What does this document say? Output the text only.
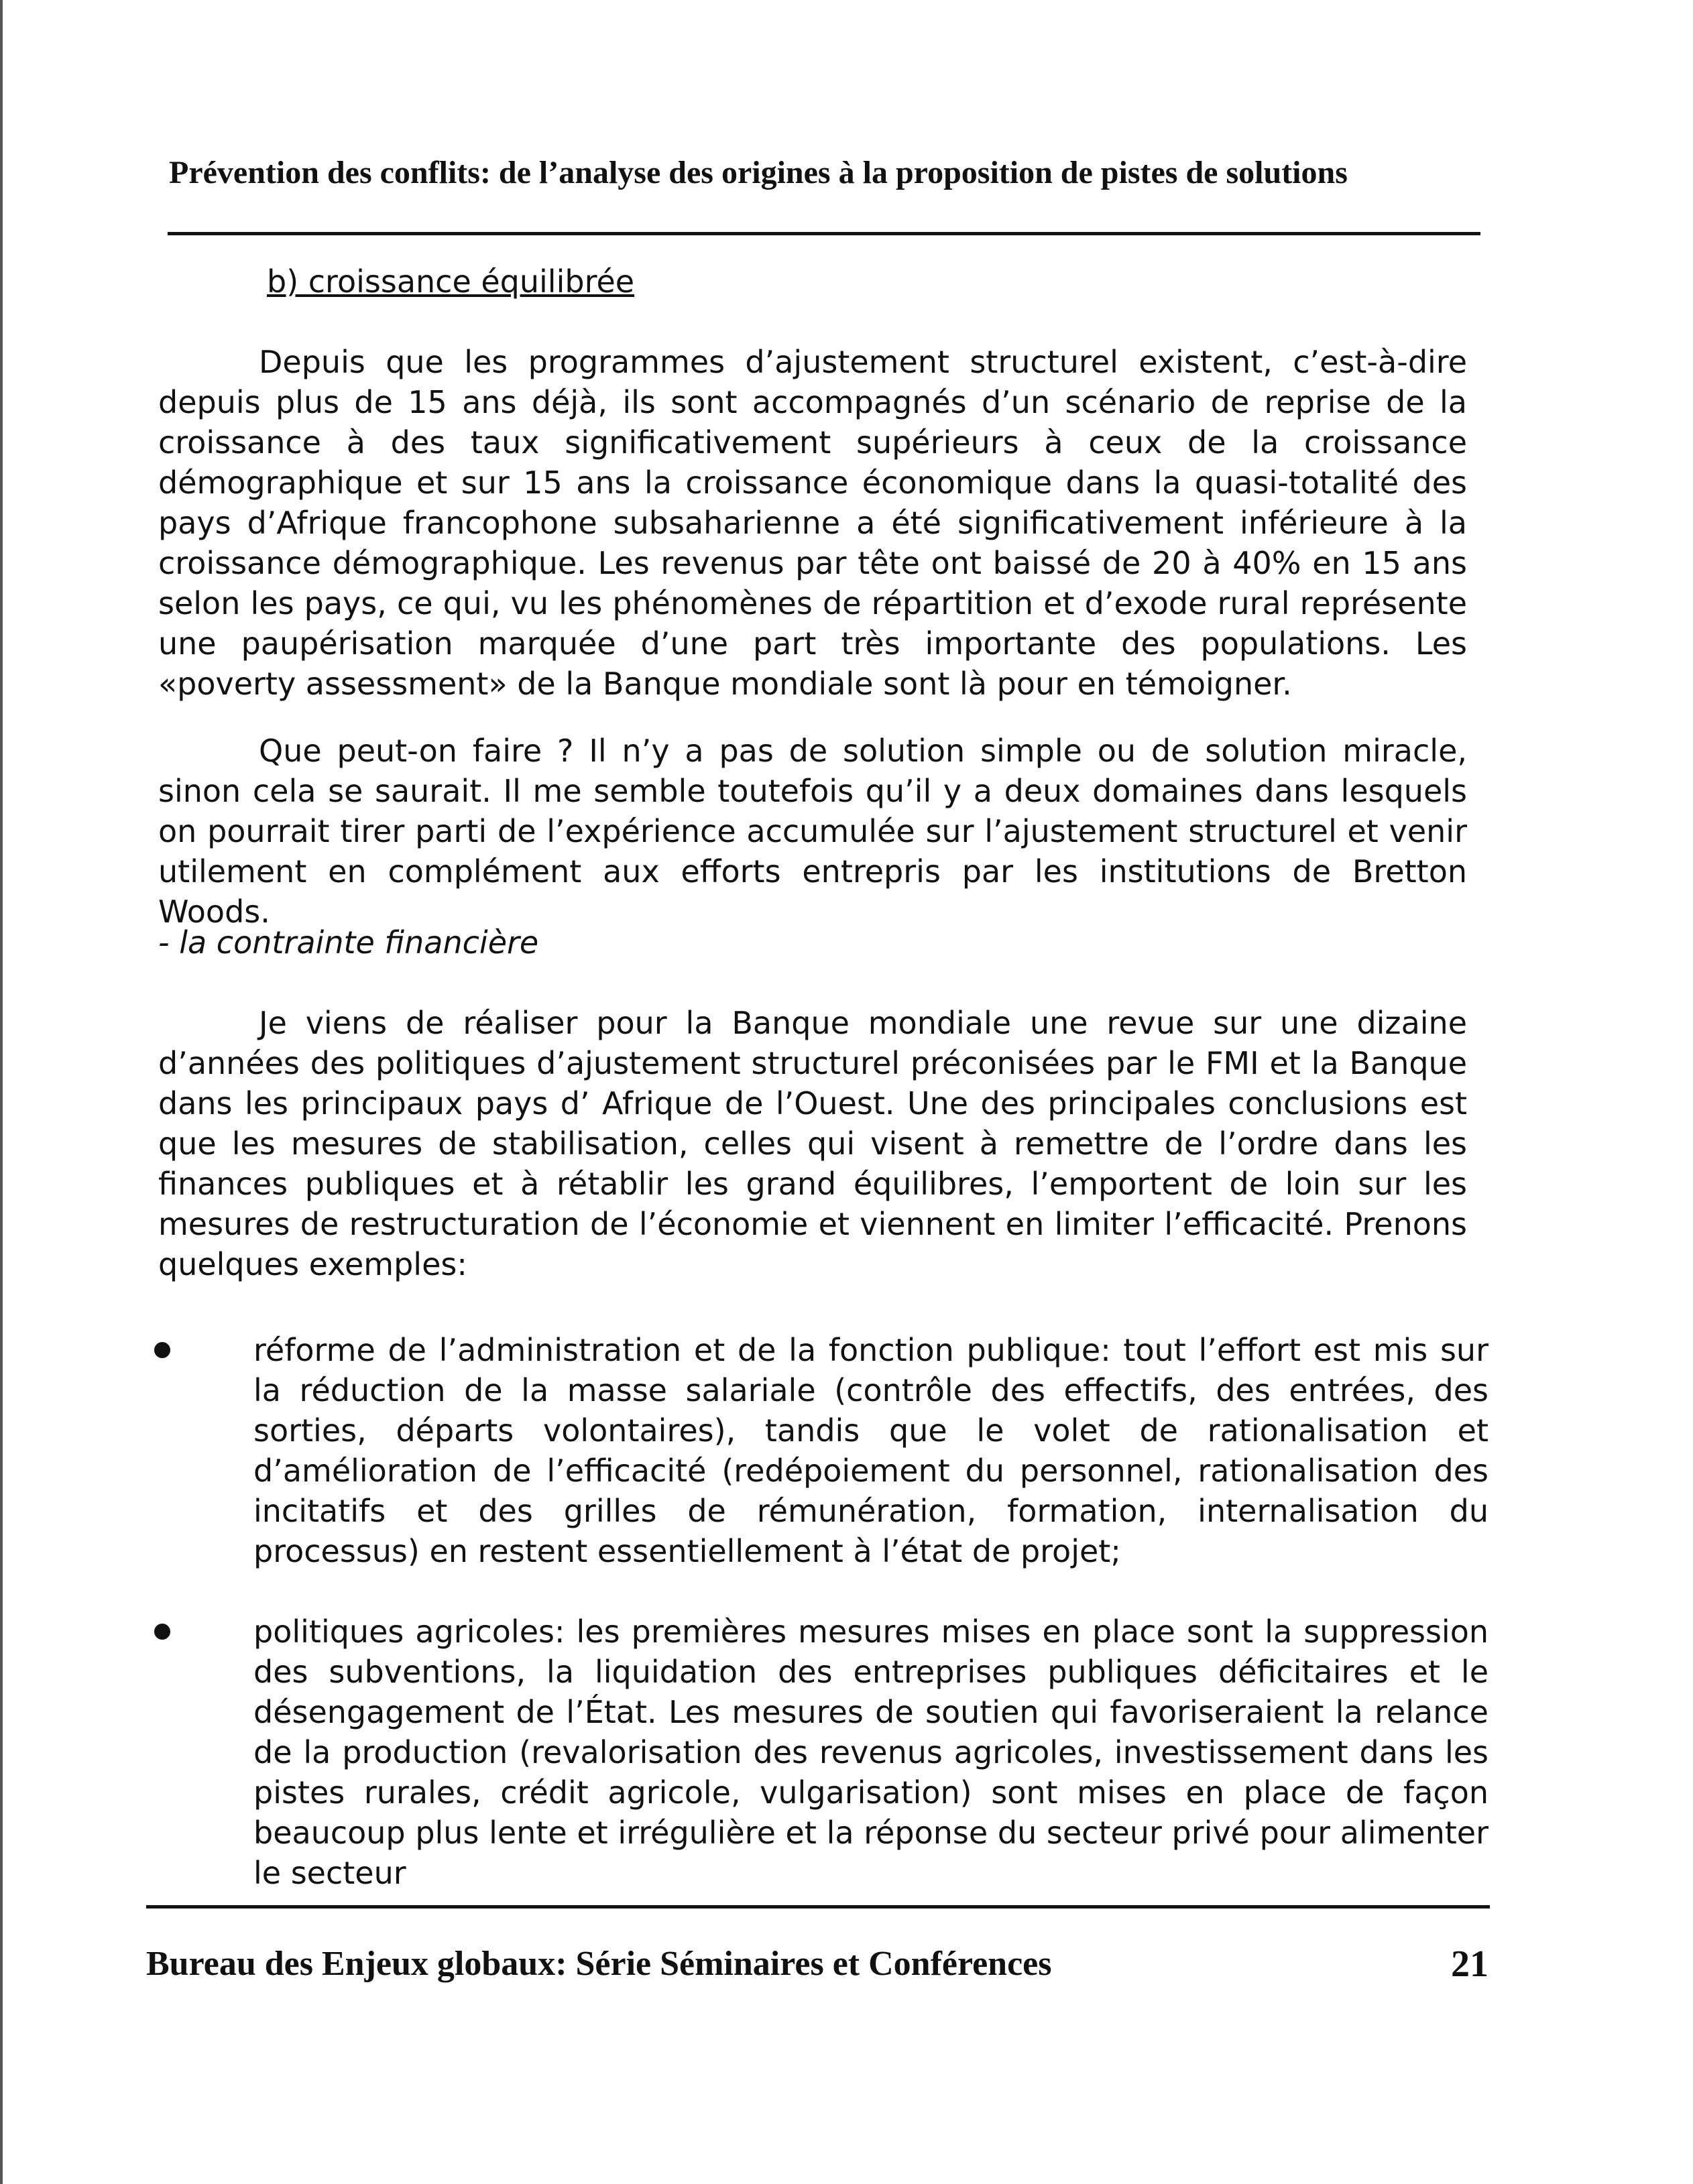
Prévention des conflits: de l’analyse des origines à la proposition de pistes de solutions
b) croissance équilibrée

Depuis que les programmes d’ajustement structurel existent, c’est-à-dire depuis plus de 15 ans déjà, ils sont accompagnés d’un scénario de reprise de la croissance à des taux significativement supérieurs à ceux de la croissance démographique et sur 15 ans la croissance économique dans la quasi-totalité des pays d’Afrique francophone subsaharienne a été significativement inférieure à la croissance démographique. Les revenus par tête ont baissé de 20 à 40% en 15 ans selon les pays, ce qui, vu les phénomènes de répartition et d’exode rural représente une paupérisation marquée d’une part très importante des populations. Les «poverty assessment» de la Banque mondiale sont là pour en témoigner.

Que peut-on faire ? Il n’y a pas de solution simple ou de solution miracle, sinon cela se saurait. Il me semble toutefois qu’il y a deux domaines dans lesquels on pourrait tirer parti de l’expérience accumulée sur l’ajustement structurel et venir utilement en complément aux efforts entrepris par les institutions de Bretton Woods.

- la contrainte financière

Je viens de réaliser pour la Banque mondiale une revue sur une dizaine d’années des politiques d’ajustement structurel préconisées par le FMI et la Banque dans les principaux pays d’ Afrique de l’Ouest. Une des principales conclusions est que les mesures de stabilisation, celles qui visent à remettre de l’ordre dans les finances publiques et à rétablir les grand équilibres, l’emportent de loin sur les mesures de restructuration de l’économie et viennent en limiter l’efficacité. Prenons quelques exemples:

réforme de l’administration et de la fonction publique: tout l’effort est mis sur la réduction de la masse salariale (contrôle des effectifs, des entrées, des sorties, départs volontaires), tandis que le volet de rationalisation et d’amélioration de l’efficacité (redépoiement du personnel, rationalisation des incitatifs et des grilles de rémunération, formation, internalisation du processus) en restent essentiellement à l’état de projet;
politiques agricoles: les premières mesures mises en place sont la suppression des subventions, la liquidation des entreprises publiques déficitaires et le désengagement de l’État. Les mesures de soutien qui favoriseraient la relance de la production (revalorisation des revenus agricoles, investissement dans les pistes rurales, crédit agricole, vulgarisation) sont mises en place de façon beaucoup plus lente et irrégulière et la réponse du secteur privé pour alimenter le secteur
Bureau des Enjeux globaux: Série Séminaires et Conférences	21
